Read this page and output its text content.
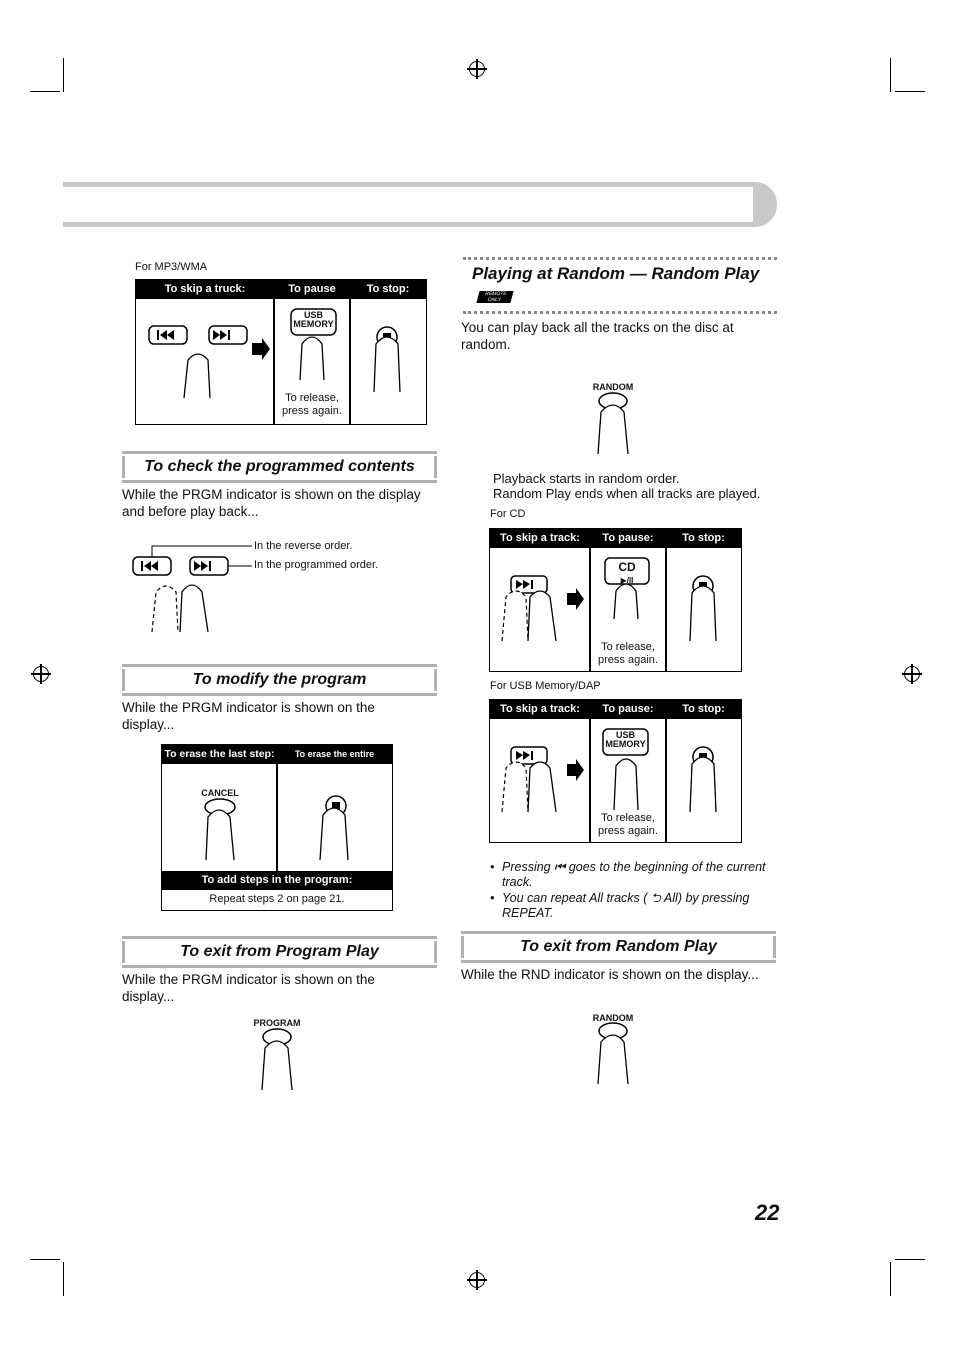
For MP3/WMA
To skip a truck:	To pause	To stop:
USB
MEMORY
To release,
press again.
To check the programmed contents
While the PRGM indicator is shown on the display and before play back...
In the reverse order.
In the programmed order.
To modify the program
While the PRGM indicator is shown on the display...
To erase the last step:	To erase the entire program:
To add steps in the program:
Repeat steps 2 on page 21.
CANCEL
To exit from Program Play
While the PRGM indicator is shown on the display...
PROGRAM
Playing at Random — Random Play
REMOTE ONLY
You can play back all the tracks on the disc at random.
RANDOM
Playback starts in random order.
Random Play ends when all tracks are played.
For CD
To skip a track:	To pause:	To stop:
CD
▶/II
To release,
press again.
For USB Memory/DAP
To skip a track:	To pause:	To stop:
USB
MEMORY
To release,
press again.
• Pressing ⏮ goes to the beginning of the current track.
• You can repeat All tracks ( ⮌ All) by pressing REPEAT.
To exit from Random Play
While the RND indicator is shown on the display...
RANDOM
22
